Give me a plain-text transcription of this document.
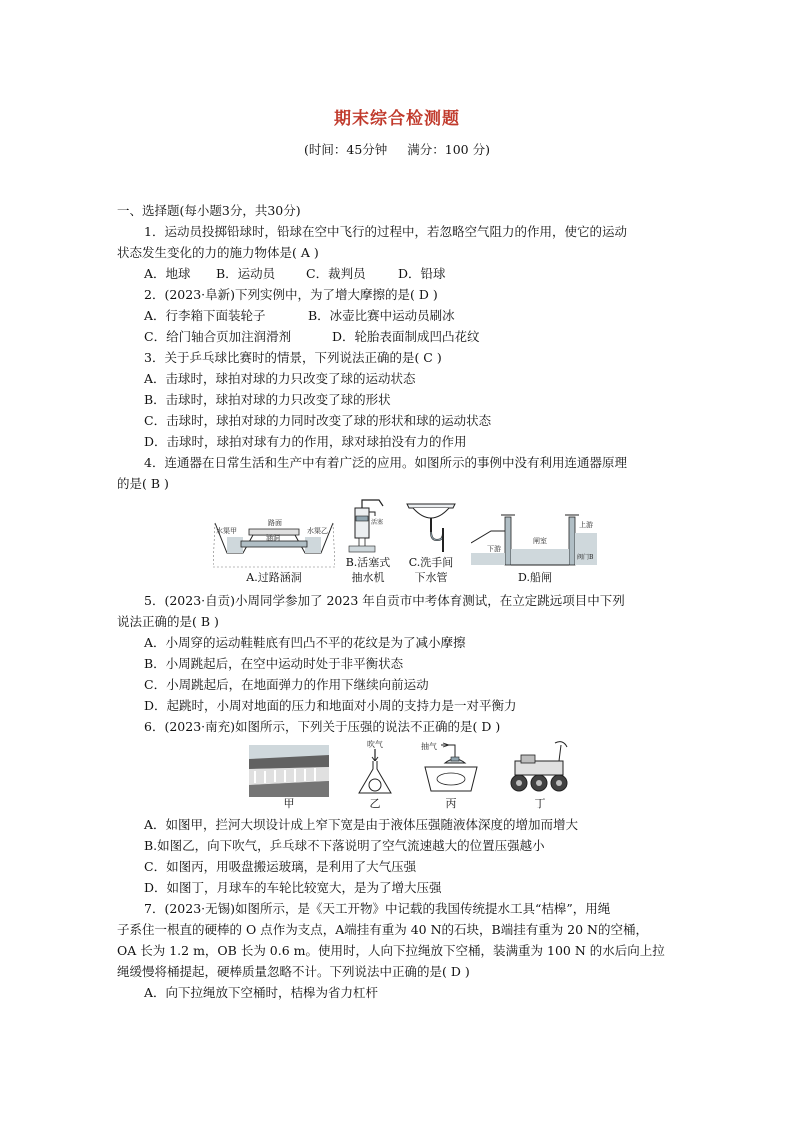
期末综合检测题
(时间：45分钟 满分：100 分)
一、选择题(每小题3分，共30分)
1．运动员投掷铅球时，铅球在空中飞行的过程中，若忽略空气阻力的作用，使它的运动
状态发生变化的力的施力物体是( A )
A．地球 B．运动员 C．裁判员	D．铅球
2．(2023·阜新)下列实例中，为了增大摩擦的是( D )
A．行李箱下面装轮子	B．冰壶比赛中运动员刷冰
C．给门轴合页加注润滑剂	D．轮胎表面制成凹凸花纹
3．关于乒乓球比赛时的情景，下列说法正确的是( C )
A．击球时，球拍对球的力只改变了球的运动状态
B．击球时，球拍对球的力只改变了球的形状
C．击球时，球拍对球的力同时改变了球的形状和球的运动状态
D．击球时，球拍对球有力的作用，球对球拍没有力的作用
4．连通器在日常生活和生产中有着广泛的应用。如图所示的事例中没有利用连通器原理
的是( B )
路面
水渠甲
涵洞
水渠乙
A.过路涵洞
活塞
B.活塞式
抽水机
C.洗手间
下水管
闸室
上游
下游
阀门B
D.船闸
5．(2023·自贡)小周同学参加了 2023 年自贡市中考体育测试，在立定跳远项目中下列
说法正确的是( B )
A．小周穿的运动鞋鞋底有凹凸不平的花纹是为了减小摩擦
B．小周跳起后，在空中运动时处于非平衡状态
C．小周跳起后，在地面弹力的作用下继续向前运动
D．起跳时，小周对地面的压力和地面对小周的支持力是一对平衡力
6．(2023·南充)如图所示，下列关于压强的说法不正确的是( D )
甲
吹气
乙
抽气
丙	丁
A．如图甲，拦河大坝设计成上窄下宽是由于液体压强随液体深度的增加而增大
B.如图乙，向下吹气，乒乓球不下落说明了空气流速越大的位置压强越小
C．如图丙，用吸盘搬运玻璃，是利用了大气压强
D．如图丁，月球车的车轮比较宽大，是为了增大压强
7．(2023·无锡)如图所示，是《天工开物》中记载的我国传统提水工具“桔槔”，用绳
子系住一根直的硬棒的 O 点作为支点，A端挂有重为 40 N的石块，B端挂有重为 20 N的空桶，
OA 长为 1.2 m，OB 长为 0.6 m。使用时，人向下拉绳放下空桶，装满重为 100 N 的水后向上拉
绳缓慢将桶提起，硬棒质量忽略不计。下列说法中正确的是( D )
A．向下拉绳放下空桶时，桔槔为省力杠杆
